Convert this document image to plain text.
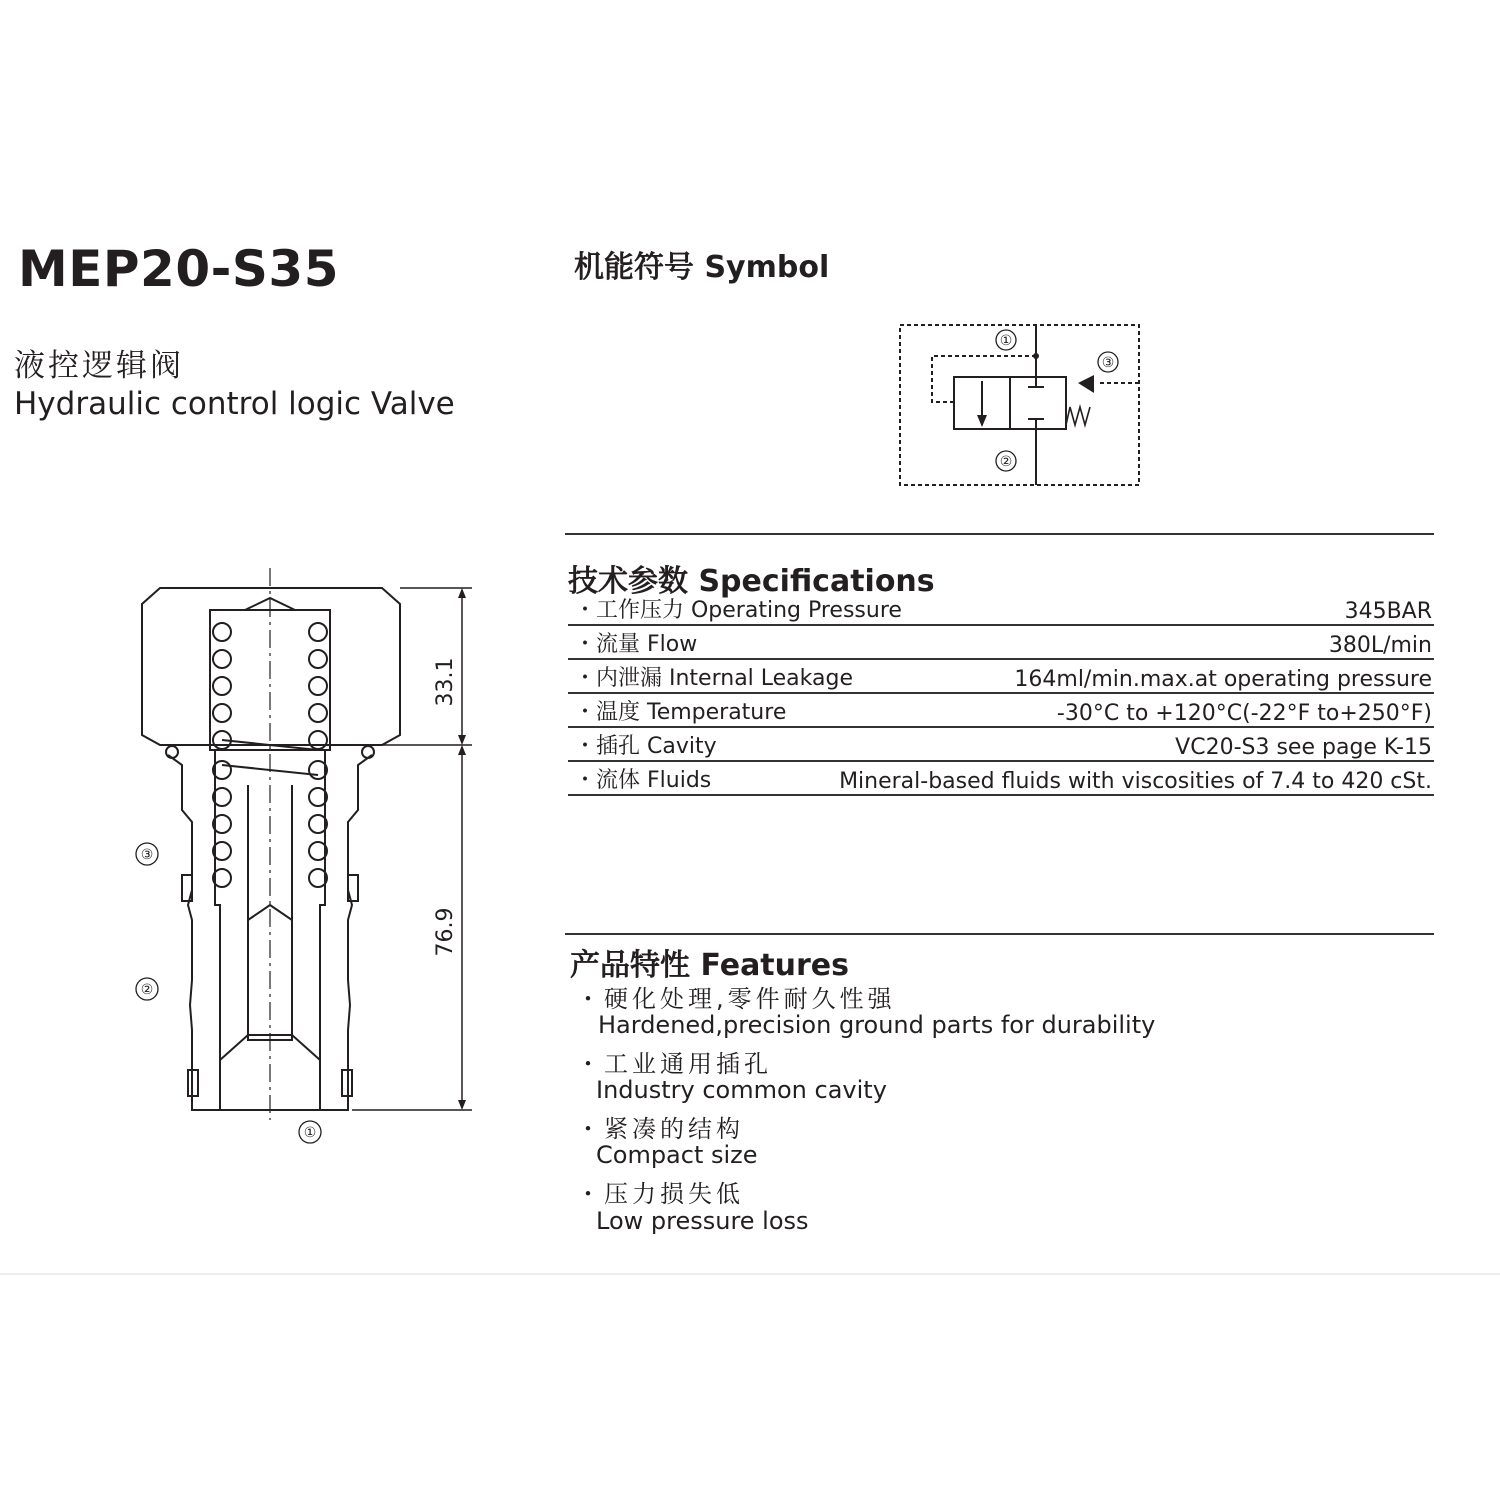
MEP20-S35
液控逻辑阀
Hydraulic control logic Valve
机能符号 Symbol
①
②
③
技术参数 Specifications
・工作压力 Operating Pressure	345BAR
・流量 Flow	380L/min
・内泄漏 Internal Leakage	164ml/min.max.at operating pressure
・温度 Temperature	-30°C to +120°C(-22°F to+250°F)
・插孔 Cavity	VC20-S3 see page K-15
・流体 Fluids	Mineral-based fluids with viscosities of 7.4 to 420 cSt.
产品特性 Features
・硬化处理,零件耐久性强
Hardened,precision ground parts for durability
・工业通用插孔
Industry common cavity
・紧凑的结构
Compact size
・压力损失低
Low pressure loss
33.1
76.9
③
②
①
